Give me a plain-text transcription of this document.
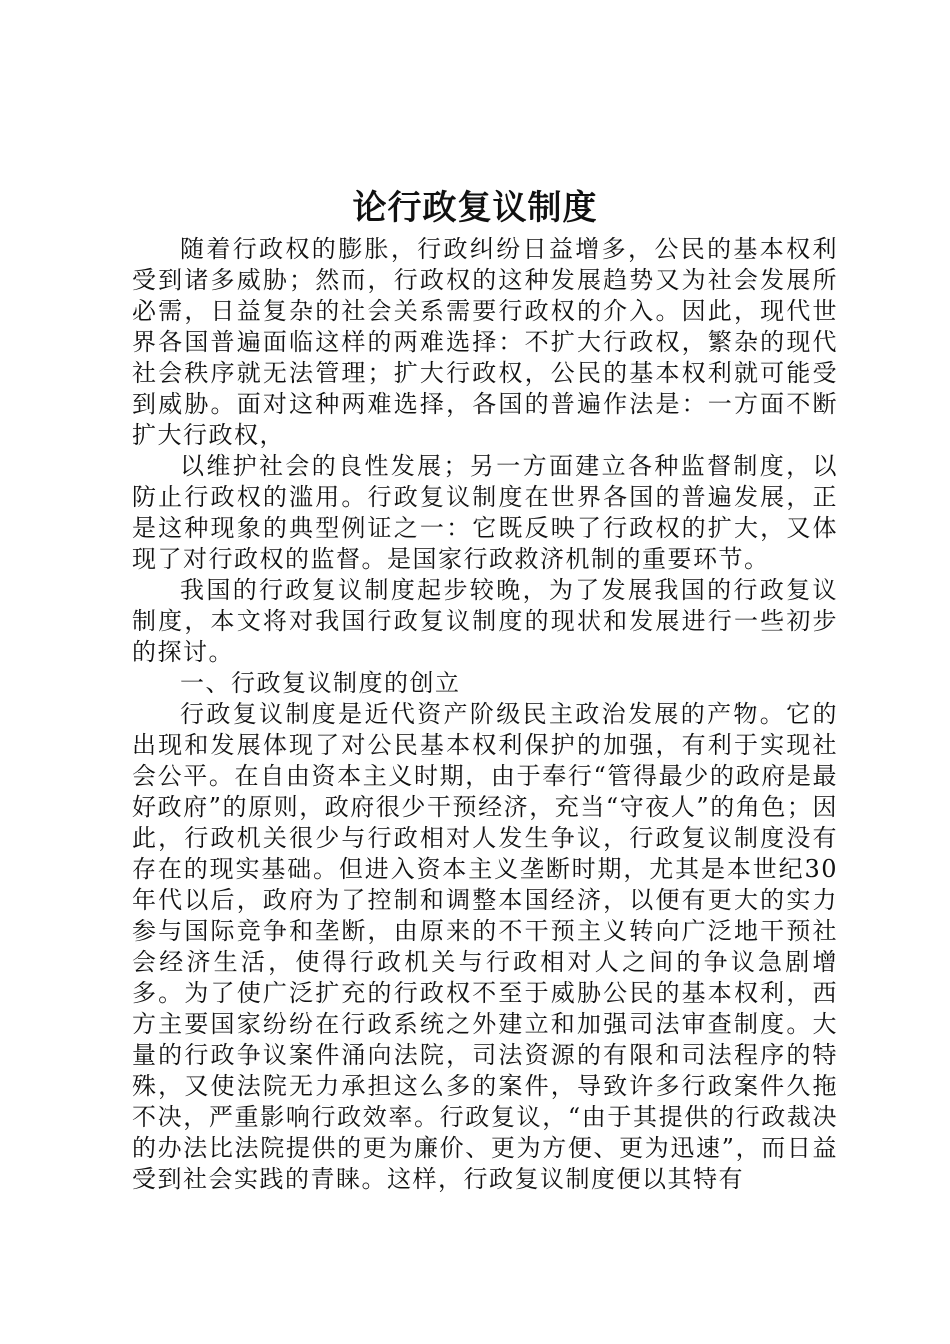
论行政复议制度

随着行政权的膨胀，行政纠纷日益增多，公民的基本权利受到诸多威胁；然而，行政权的这种发展趋势又为社会发展所必需，日益复杂的社会关系需要行政权的介入。因此，现代世界各国普遍面临这样的两难选择：不扩大行政权，繁杂的现代社会秩序就无法管理；扩大行政权，公民的基本权利就可能受到威胁。面对这种两难选择，各国的普遍作法是：一方面不断扩大行政权，

以维护社会的良性发展；另一方面建立各种监督制度，以防止行政权的滥用。行政复议制度在世界各国的普遍发展，正是这种现象的典型例证之一：它既反映了行政权的扩大，又体现了对行政权的监督。是国家行政救济机制的重要环节。

我国的行政复议制度起步较晚，为了发展我国的行政复议制度，本文将对我国行政复议制度的现状和发展进行一些初步的探讨。

一、行政复议制度的创立

行政复议制度是近代资产阶级民主政治发展的产物。它的出现和发展体现了对公民基本权利保护的加强，有利于实现社会公平。在自由资本主义时期，由于奉行“管得最少的政府是最好政府”的原则，政府很少干预经济，充当“守夜人”的角色；因此，行政机关很少与行政相对人发生争议，行政复议制度没有存在的现实基础。但进入资本主义垄断时期，尤其是本世纪30年代以后，政府为了控制和调整本国经济，以便有更大的实力参与国际竞争和垄断，由原来的不干预主义转向广泛地干预社会经济生活，使得行政机关与行政相对人之间的争议急剧增多。为了使广泛扩充的行政权不至于威胁公民的基本权利，西方主要国家纷纷在行政系统之外建立和加强司法审查制度。大量的行政争议案件涌向法院，司法资源的有限和司法程序的特殊，又使法院无力承担这么多的案件，导致许多行政案件久拖不决，严重影响行政效率。行政复议，“由于其提供的行政裁决的办法比法院提供的更为廉价、更为方便、更为迅速”，而日益受到社会实践的青睐。这样，行政复议制度便以其特有
